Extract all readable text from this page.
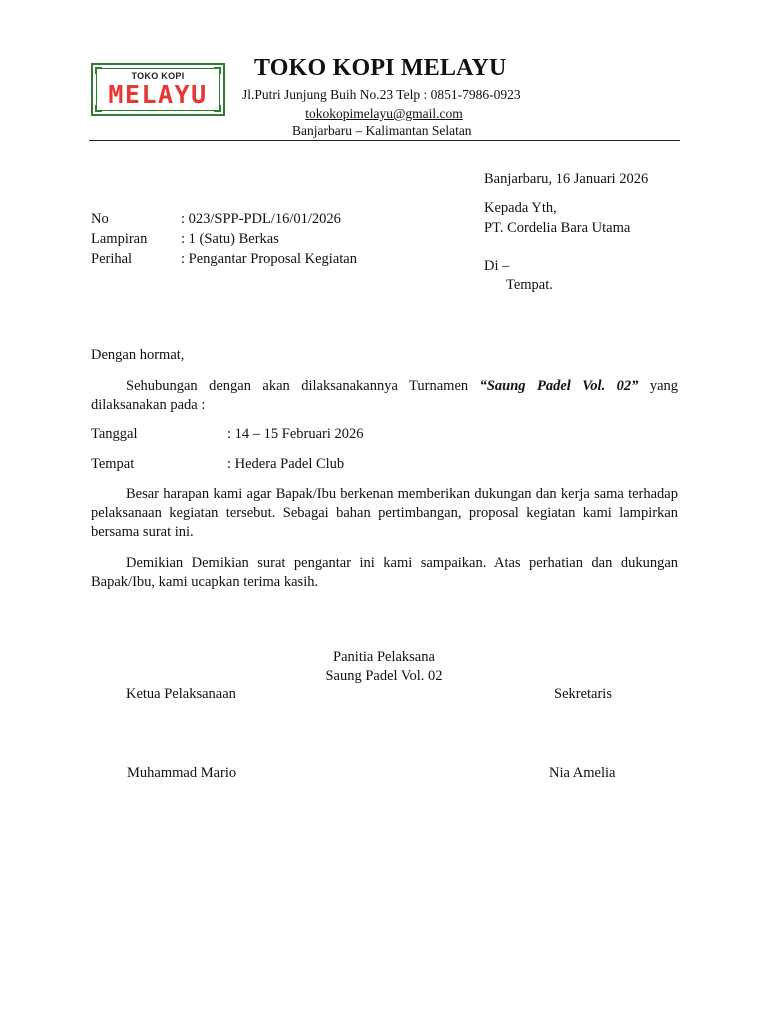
TOKO KOPI
MELAYU
TOKO KOPI MELAYU
Jl.Putri Junjung Buih No.23 Telp : 0851-7986-0923
tokokopimelayu@gmail.com
Banjarbaru – Kalimantan Selatan
Banjarbaru, 16 Januari 2026
Kepada Yth,
PT. Cordelia Bara Utama
Di –
Tempat.
No	: 023/SPP-PDL/16/01/2026
Lampiran : 1 (Satu) Berkas
Perihal	: Pengantar Proposal Kegiatan
Dengan hormat,
Sehubungan dengan akan dilaksanakannya Turnamen “Saung Padel Vol. 02” yang
dilaksanakan pada :
Tanggal	: 14 – 15 Februari 2026
Tempat	: Hedera Padel Club
Besar harapan kami agar Bapak/Ibu berkenan memberikan dukungan dan kerja sama terhadap pelaksanaan kegiatan tersebut. Sebagai bahan pertimbangan, proposal kegiatan kami lampirkan bersama surat ini.
Demikian Demikian surat pengantar ini kami sampaikan. Atas perhatian dan dukungan Bapak/Ibu, kami ucapkan terima kasih.
Panitia Pelaksana
Saung Padel Vol. 02
Ketua Pelaksanaan	Sekretaris
Muhammad Mario	Nia Amelia
